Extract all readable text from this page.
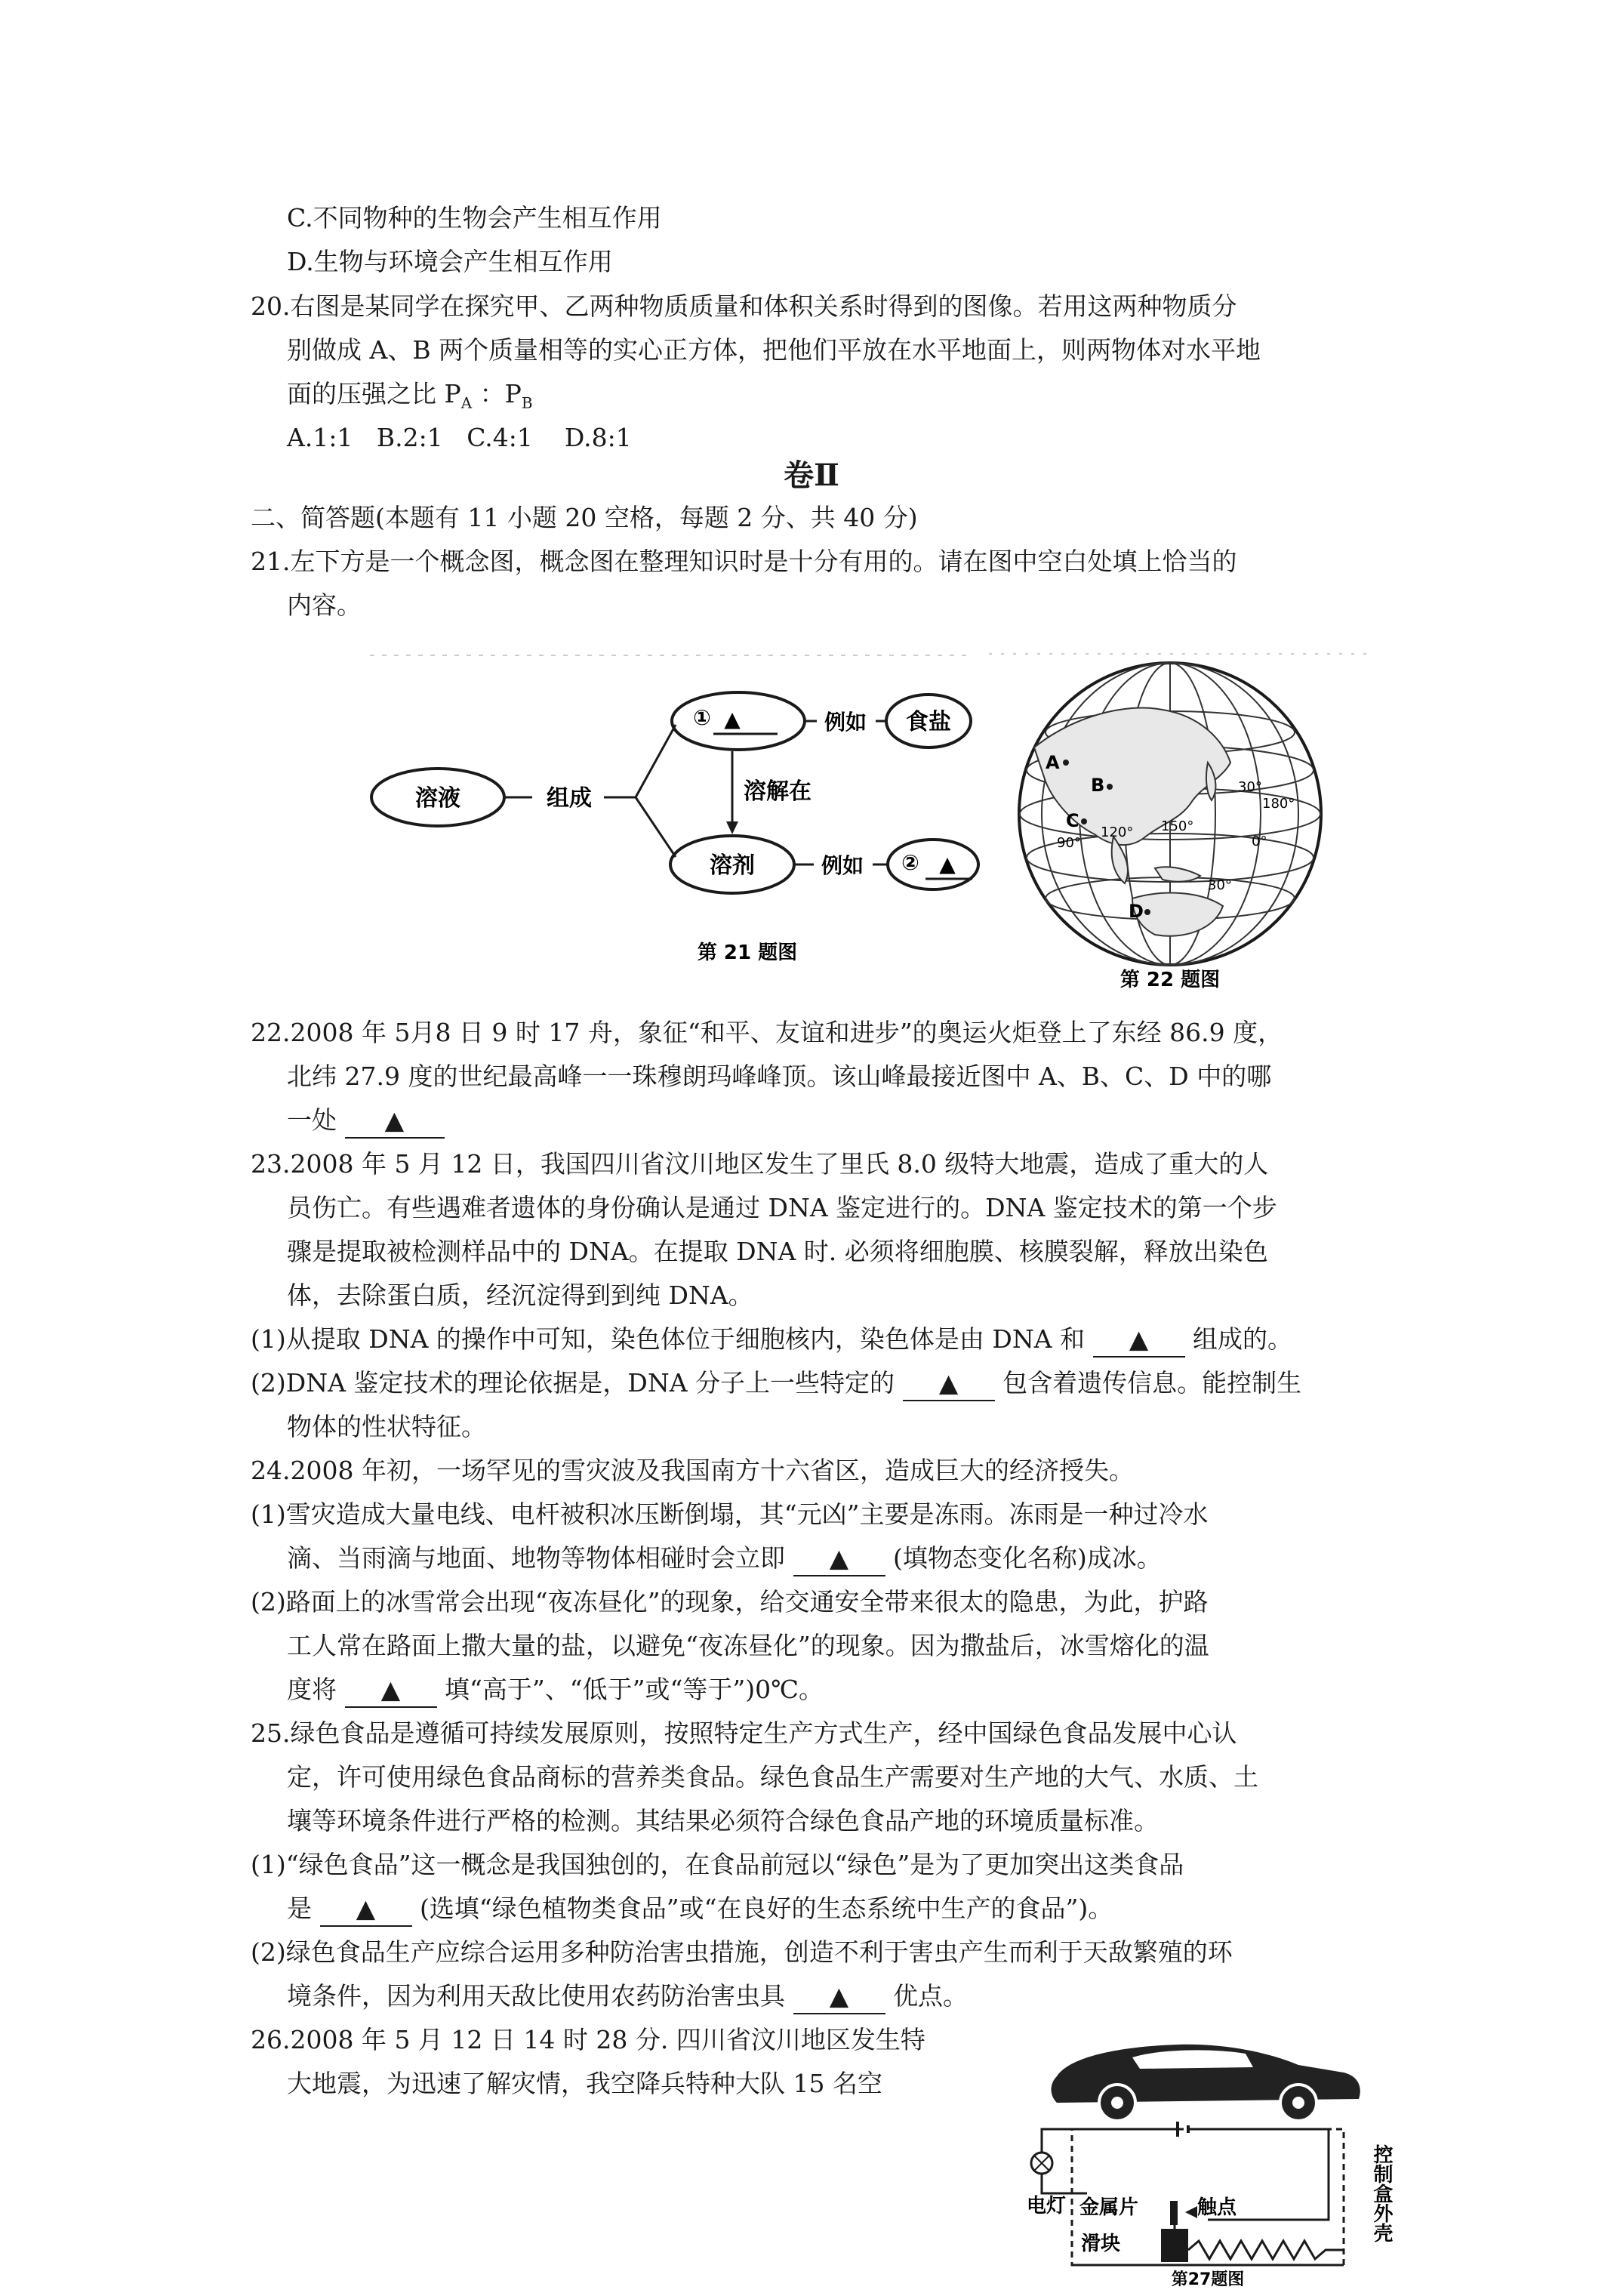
C.不同物种的生物会产生相互作用
D.生物与环境会产生相互作用
20.右图是某同学在探究甲、乙两种物质质量和体积关系时得到的图像。若用这两种物质分
别做成 A、B 两个质量相等的实心正方体，把他们平放在水平地面上，则两物体对水平地
面的压强之比 $P_A$ ：$P_B$
A.1:1   B.2:1   C.4:1    D.8:1
卷Ⅱ
二、简答题(本题有 11 小题 20 空格，每题 2 分、共 40 分)
21.左下方是一个概念图，概念图在整理知识时是十分有用的。请在图中空白处填上恰当的
内容。
溶液	组成
① ▲
溶解在
例如 食盐
溶剂	例如 ② ▲
第 21 题图
A
B
C
D
30°
180°
0°
90°
120° 150°
30°
第 22 题图
22.2008 年 5月8 日 9 时 17 舟，象征“和平、友谊和进步”的奥运火炬登上了东经 86.9 度，
北纬 27.9 度的世纪最高峰一一珠穆朗玛峰峰顶。该山峰最接近图中 A、B、C、D 中的哪
一处 ▲
23.2008 年 5 月 12 日，我国四川省汶川地区发生了里氏 8.0 级特大地震，造成了重大的人
员伤亡。有些遇难者遗体的身份确认是通过 DNA 鉴定进行的。DNA 鉴定技术的第一个步
骤是提取被检测样品中的 DNA。在提取 DNA 时. 必须将细胞膜、核膜裂解，释放出染色
体，去除蛋白质，经沉淀得到到纯 DNA。
(1)从提取 DNA 的操作中可知，染色体位于细胞核内，染色体是由 DNA 和 ▲ 组成的。
(2)DNA 鉴定技术的理论依据是，DNA 分子上一些特定的 ▲ 包含着遗传信息。能控制生
物体的性状特征。
24.2008 年初，一场罕见的雪灾波及我国南方十六省区，造成巨大的经济授失。
(1)雪灾造成大量电线、电杆被积冰压断倒塌，其“元凶”主要是冻雨。冻雨是一种过冷水
滴、当雨滴与地面、地物等物体相碰时会立即 ▲ (填物态变化名称)成冰。
(2)路面上的冰雪常会出现“夜冻昼化”的现象，给交通安全带来很太的隐患，为此，护路
工人常在路面上撒大量的盐，以避免“夜冻昼化”的现象。因为撒盐后，冰雪熔化的温
度将 ▲ 填“高于”、“低于”或“等于”)0℃。
25.绿色食品是遵循可持续发展原则，按照特定生产方式生产，经中国绿色食品发展中心认
定，许可使用绿色食品商标的营养类食品。绿色食品生产需要对生产地的大气、水质、土
壤等环境条件进行严格的检测。其结果必须符合绿色食品产地的环境质量标准。
(1)“绿色食品”这一概念是我国独创的，在食品前冠以“绿色”是为了更加突出这类食品
是 ▲ (选填“绿色植物类食品”或“在良好的生态系统中生产的食品”)。
(2)绿色食品生产应综合运用多种防治害虫措施，创造不利于害虫产生而利于天敌繁殖的环
境条件，因为利用天敌比使用农药防治害虫具 ▲ 优点。
26.2008 年 5 月 12 日 14 时 28 分. 四川省汶川地区发生特
大地震，为迅速了解灾情，我空降兵特种大队 15 名空
电灯 金属片	触点
滑块
控制盒外壳
第27题图
